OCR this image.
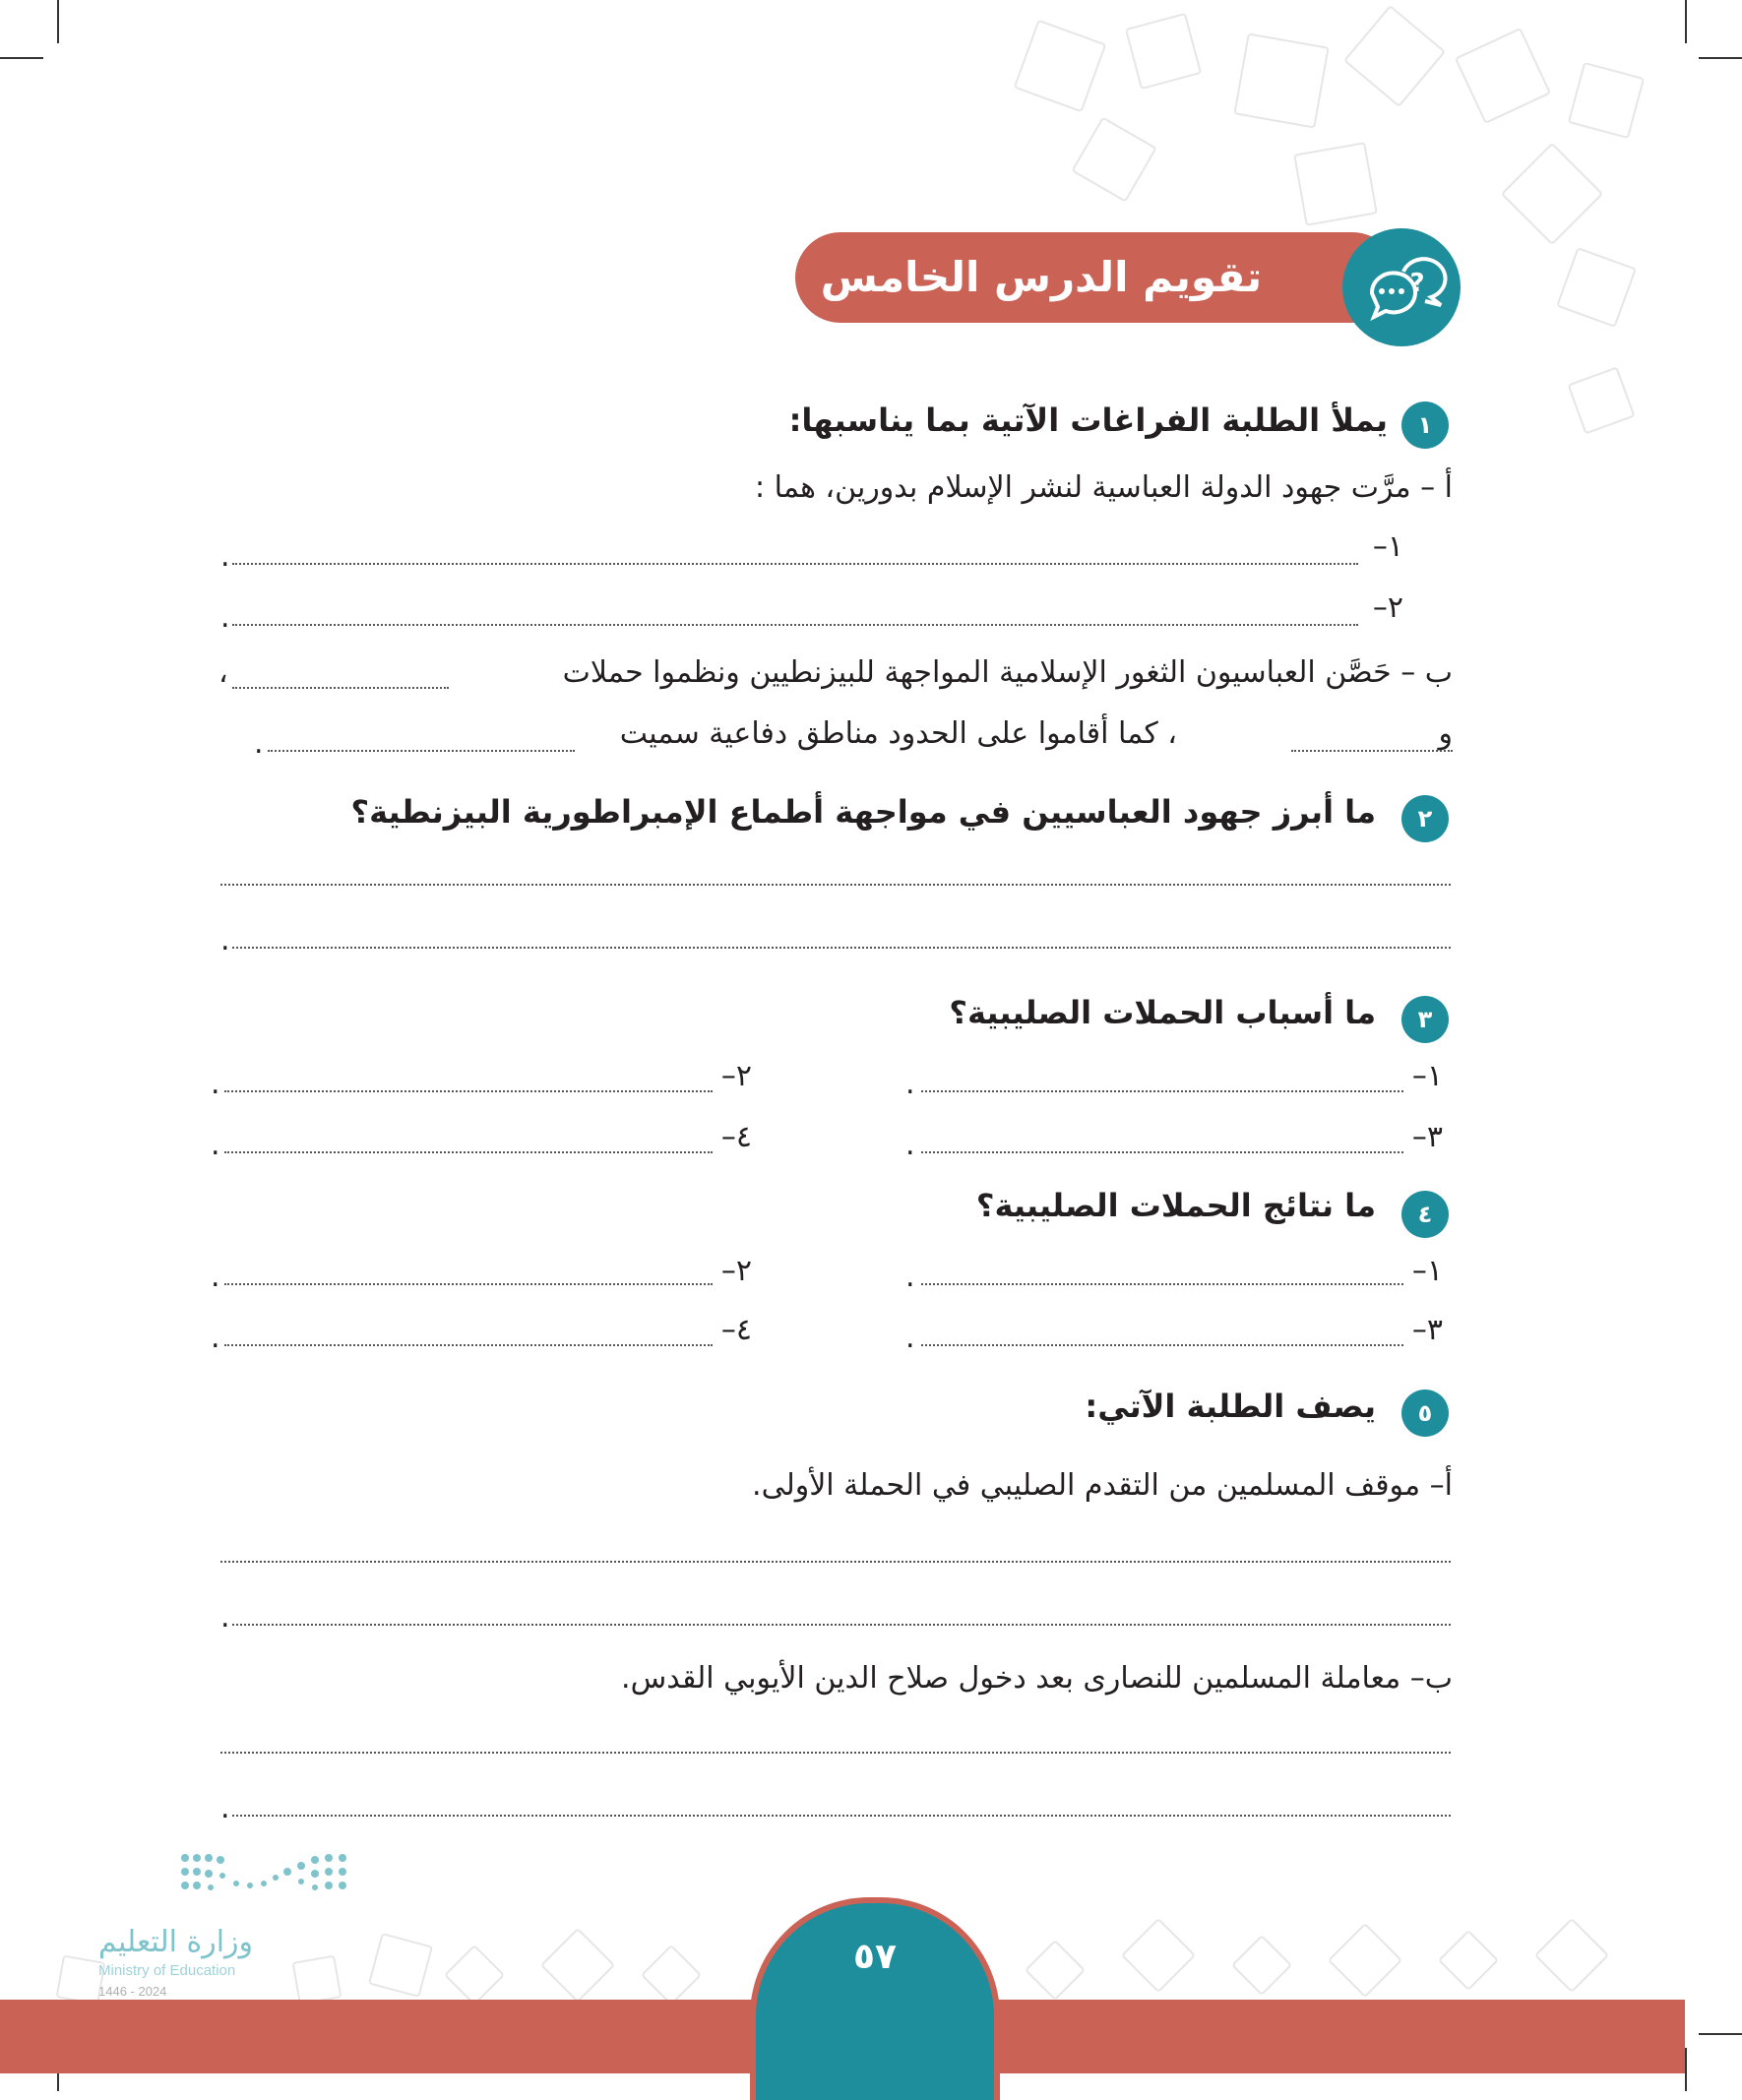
تقويم الدرس الخامس	?
١
يملأ الطلبة الفراغات الآتية بما يناسبها:
أ – مرَّت جهود الدولة العباسية لنشر الإسلام بدورين، هما :
١–
.
٢–
.
ب – حَصَّن العباسيون الثغور الإسلامية المواجهة للبيزنطيين ونظموا حملات
،
و
، كما أقاموا على الحدود مناطق دفاعية سميت
.
٢
ما أبرز جهود العباسيين في مواجهة أطماع الإمبراطورية البيزنطية؟
.
٣
ما أسباب الحملات الصليبية؟
١–
.
٢–
.
٣–
.
٤–
.
٤
ما نتائج الحملات الصليبية؟
١–
.
٢–
.
٣–
.
٤–
.
٥
يصف الطلبة الآتي:
أ– موقف المسلمين من التقدم الصليبي في الحملة الأولى.
.
ب– معاملة المسلمين للنصارى بعد دخول صلاح الدين الأيوبي القدس.
.
٥٧
وزارة التعليم
Ministry of Education
2024 - 1446
